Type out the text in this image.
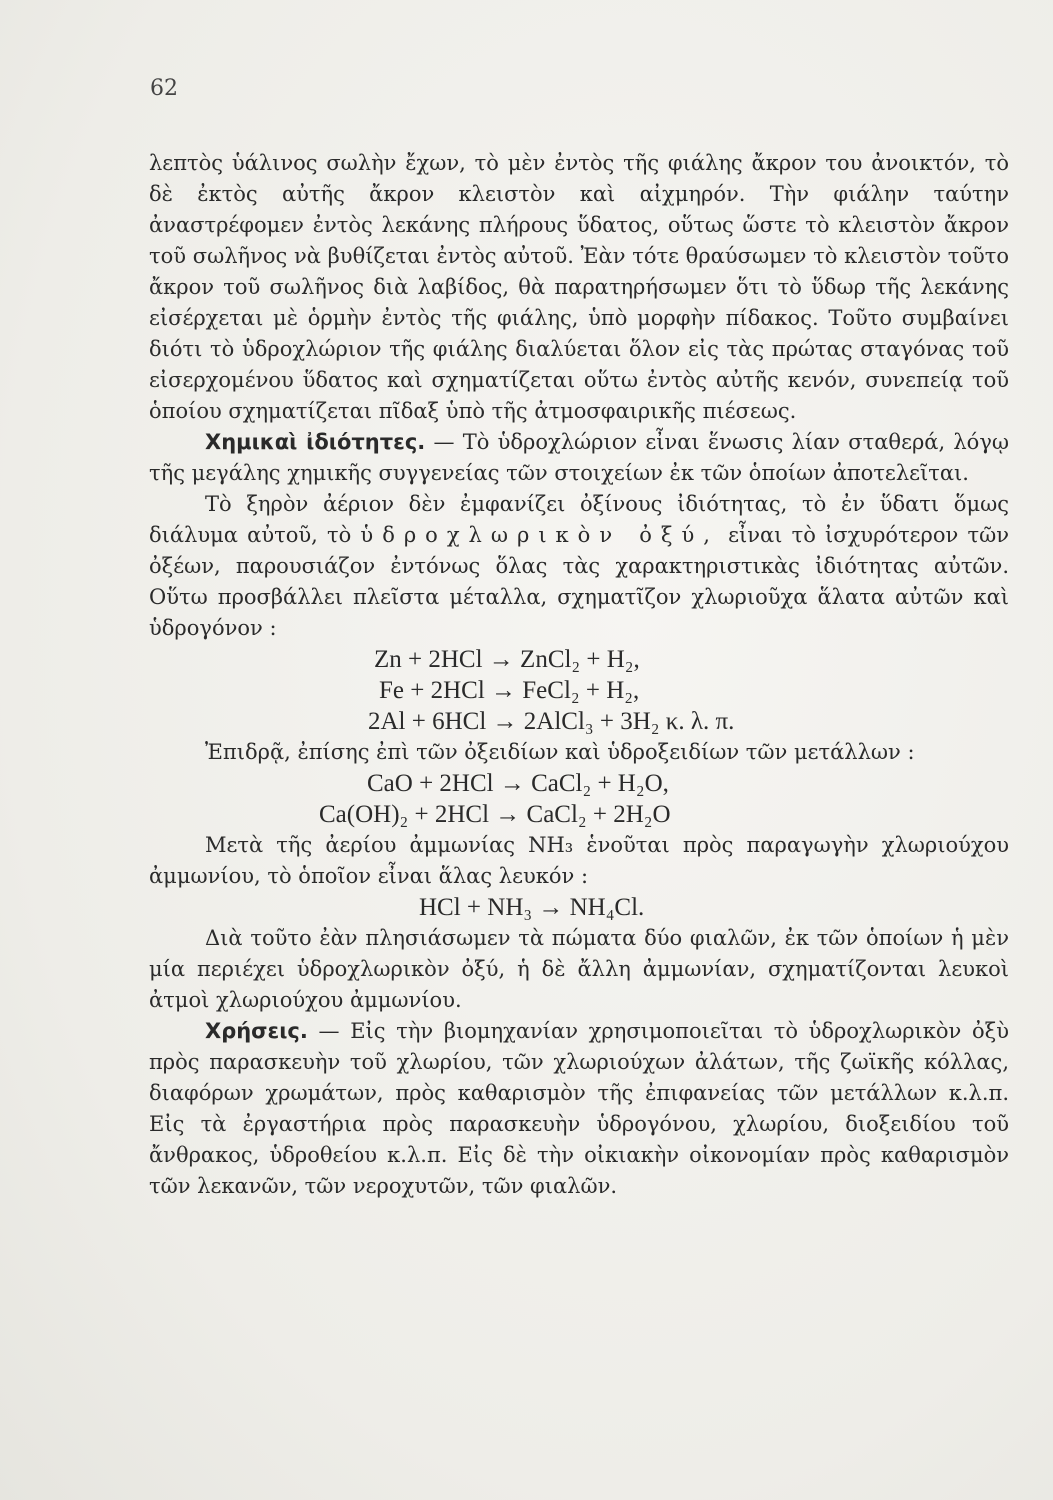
62

λεπτὸς ὑάλινος σωλὴν ἔχων, τὸ μὲν ἐντὸς τῆς φιάλης ἄκρον του ἀνοικτόν, τὸ δὲ ἐκτὸς αὐτῆς ἄκρον κλειστὸν καὶ αἰχμηρόν. Τὴν φιάλην ταύτην ἀναστρέφομεν ἐντὸς λεκάνης πλήρους ὕδατος, οὕτως ὥστε τὸ κλειστὸν ἄκρον τοῦ σωλῆνος νὰ βυθίζεται ἐντὸς αὐτοῦ. Ἐὰν τότε θραύσωμεν τὸ κλειστὸν τοῦτο ἄκρον τοῦ σωλῆνος διὰ λαβίδος, θὰ παρατηρήσωμεν ὅτι τὸ ὕδωρ τῆς λεκάνης εἰσέρχεται μὲ ὁρμὴν ἐντὸς τῆς φιάλης, ὑπὸ μορφὴν πίδακος. Τοῦτο συμβαίνει διότι τὸ ὑδροχλώριον τῆς φιάλης διαλύεται ὅλον εἰς τὰς πρώτας σταγόνας τοῦ εἰσερχομένου ὕδατος καὶ σχηματίζεται οὕτω ἐντὸς αὐτῆς κενόν, συνεπείᾳ τοῦ ὁποίου σχηματίζεται πῖδαξ ὑπὸ τῆς ἀτμοσφαιρικῆς πιέσεως.

Χημικαὶ ἰδιότητες. — Τὸ ὑδροχλώριον εἶναι ἕνωσις λίαν σταθερά, λόγῳ τῆς μεγάλης χημικῆς συγγενείας τῶν στοιχείων ἐκ τῶν ὁποίων ἀποτελεῖται.

Τὸ ξηρὸν ἀέριον δὲν ἐμφανίζει ὀξίνους ἰδιότητας, τὸ ἐν ὕδατι ὅμως διάλυμα αὐτοῦ, τὸ ὑδροχλωρικὸν ὀξύ, εἶναι τὸ ἰσχυρότερον τῶν ὀξέων, παρουσιάζον ἐντόνως ὅλας τὰς χαρακτηριστικὰς ἰδιότητας αὐτῶν. Οὕτω προσβάλλει πλεῖστα μέταλλα, σχηματῖζον χλωριοῦχα ἅλατα αὐτῶν καὶ ὑδρογόνον :

Zn + 2HCl → ZnCl₂ + H₂,
Fe + 2HCl → FeCl₂ + H₂,
2Al + 6HCl → 2AlCl₃ + 3H₂ κ. λ. π.

Ἐπιδρᾷ, ἐπίσης ἐπὶ τῶν ὀξειδίων καὶ ὑδροξειδίων τῶν μετάλλων :

CaO + 2HCl → CaCl₂ + H₂O,
Ca(OH)₂ + 2HCl → CaCl₂ + 2H₂O

Μετὰ τῆς ἀερίου ἀμμωνίας NH₃ ἑνοῦται πρὸς παραγωγὴν χλωριούχου ἀμμωνίου, τὸ ὁποῖον εἶναι ἅλας λευκόν :

HCl + NH₃ → NH₄Cl.

Διὰ τοῦτο ἐὰν πλησιάσωμεν τὰ πώματα δύο φιαλῶν, ἐκ τῶν ὁποίων ἡ μὲν μία περιέχει ὑδροχλωρικὸν ὀξύ, ἡ δὲ ἄλλη ἀμμωνίαν, σχηματίζονται λευκοὶ ἀτμοὶ χλωριούχου ἀμμωνίου.

Χρήσεις. — Εἰς τὴν βιομηχανίαν χρησιμοποιεῖται τὸ ὑδροχλωρικὸν ὀξὺ πρὸς παρασκευὴν τοῦ χλωρίου, τῶν χλωριούχων ἀλάτων, τῆς ζωϊκῆς κόλλας, διαφόρων χρωμάτων, πρὸς καθαρισμὸν τῆς ἐπιφανείας τῶν μετάλλων κ.λ.π. Εἰς τὰ ἐργαστήρια πρὸς παρασκευὴν ὑδρογόνου, χλωρίου, διοξειδίου τοῦ ἄνθρακος, ὑδροθείου κ.λ.π. Εἰς δὲ τὴν οἰκιακὴν οἰκονομίαν πρὸς καθαρισμὸν τῶν λεκανῶν, τῶν νεροχυτῶν, τῶν φιαλῶν.
